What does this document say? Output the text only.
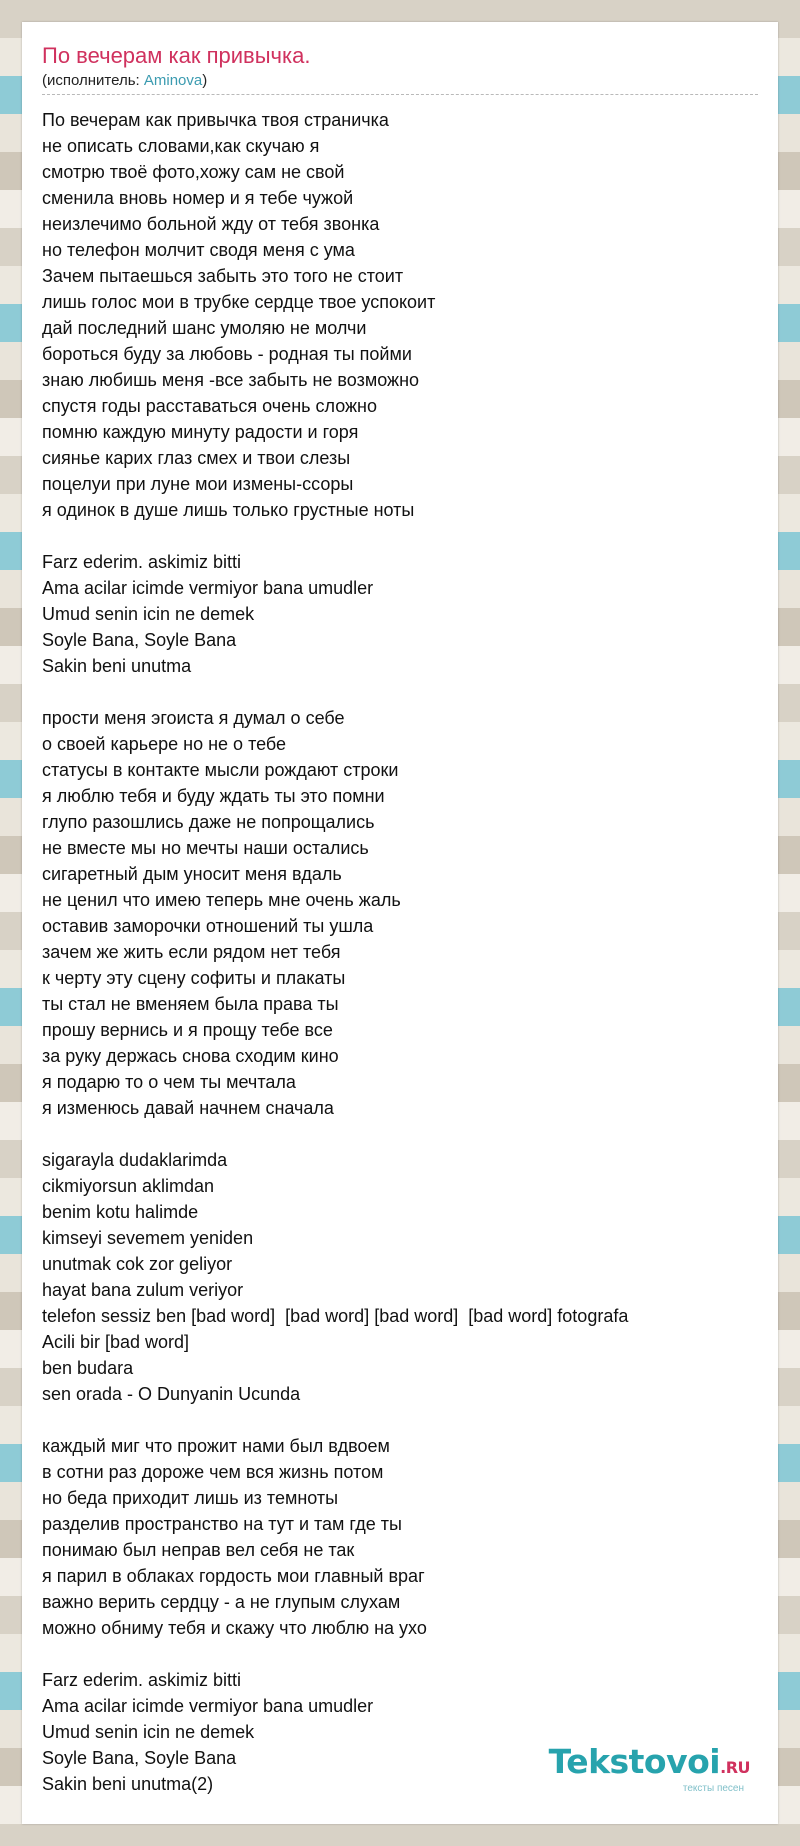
По вечерам как привычка.
(исполнитель: Aminova)
По вечерам как привычка твоя страничка
не описать словами,как скучаю я
смотрю твоё фото,хожу сам не свой
сменила вновь номер и я тебе чужой
неизлечимо больной жду от тебя звонка
но телефон молчит сводя меня с ума
Зачем пытаешься забыть это того не стоит
лишь голос мои в трубке сердце твое успокоит
дай последний шанс умоляю не молчи
бороться буду за любовь - родная ты пойми
знаю любишь меня -все забыть не возможно
спустя годы расставаться очень сложно
помню каждую минуту радости и горя
сиянье карих глаз смех и твои слезы
поцелуи при луне мои измены-ссоры
я одинок в душе лишь только грустные ноты
Farz ederim. askimiz bitti
Ama acilar icimde vermiyor bana umudler
Umud senin icin ne demek
Soyle Bana, Soyle Bana
Sakin beni unutma
прости меня эгоиста я думал о себе
о своей карьере но не о тебе
статусы в контакте мысли рождают строки
я люблю тебя и буду ждать ты это помни
глупо разошлись даже не попрощались
не вместе мы но мечты наши остались
сигаретный дым уносит меня вдаль
не ценил что имею теперь мне очень жаль
оставив заморочки отношений ты ушла
зачем же жить если рядом нет тебя
к черту эту сцену софиты и плакаты
ты стал не вменяем была права ты
прошу вернись и я прощу тебе все
за руку держась снова сходим кино
я подарю то о чем ты мечтала
я изменюсь давай начнем сначала
sigarayla dudaklarimda
cikmiyorsun aklimdan
benim kotu halimde
kimseyi sevemem yeniden
unutmak cok zor geliyor
hayat bana zulum veriyor
telefon sessiz ben [bad word]  [bad word] [bad word]  [bad word] fotografa
Acili bir [bad word]
ben budara
sen orada - O Dunyanin Ucunda
каждый миг что прожит нами был вдвоем
в сотни раз дороже чем вся жизнь потом
но беда приходит лишь из темноты
разделив пространство на тут и там где ты
понимаю был неправ вел себя не так
я парил в облаках гордость мои главный враг
важно верить сердцу - а не глупым слухам
можно обниму тебя и скажу что люблю на ухо
Farz ederim. askimiz bitti
Ama acilar icimde vermiyor bana umudler
Umud senin icin ne demek
Soyle Bana, Soyle Bana
Sakin beni unutma(2)
Tekstovoi.RU
тексты песен
